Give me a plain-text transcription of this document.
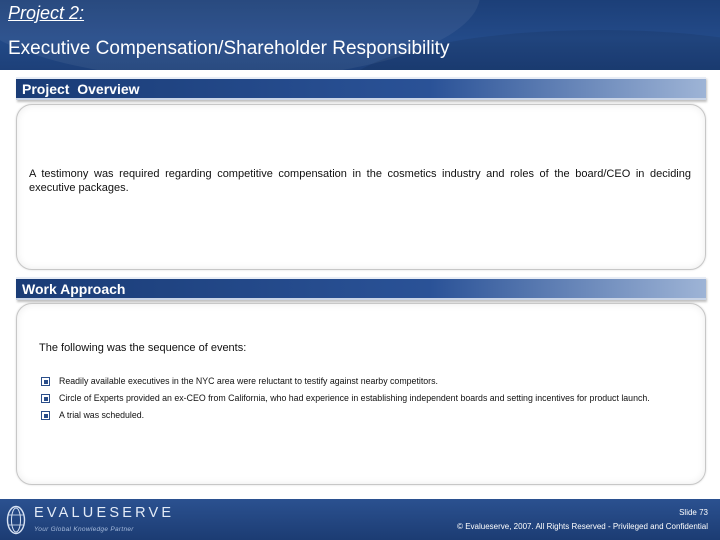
Project 2:
Executive Compensation/Shareholder Responsibility
Project  Overview
A testimony was required regarding competitive compensation in the cosmetics industry and roles of the board/CEO in deciding executive packages.
Work Approach
The following was the sequence of events:
Readily available executives in the NYC area were reluctant to testify against nearby competitors.
Circle of Experts provided an ex-CEO from California, who had experience in establishing independent boards and setting incentives for product launch.
A trial was scheduled.
EVALUESERVE
Your Global Knowledge Partner
Slide 73
© Evalueserve, 2007. All Rights Reserved - Privileged and Confidential
